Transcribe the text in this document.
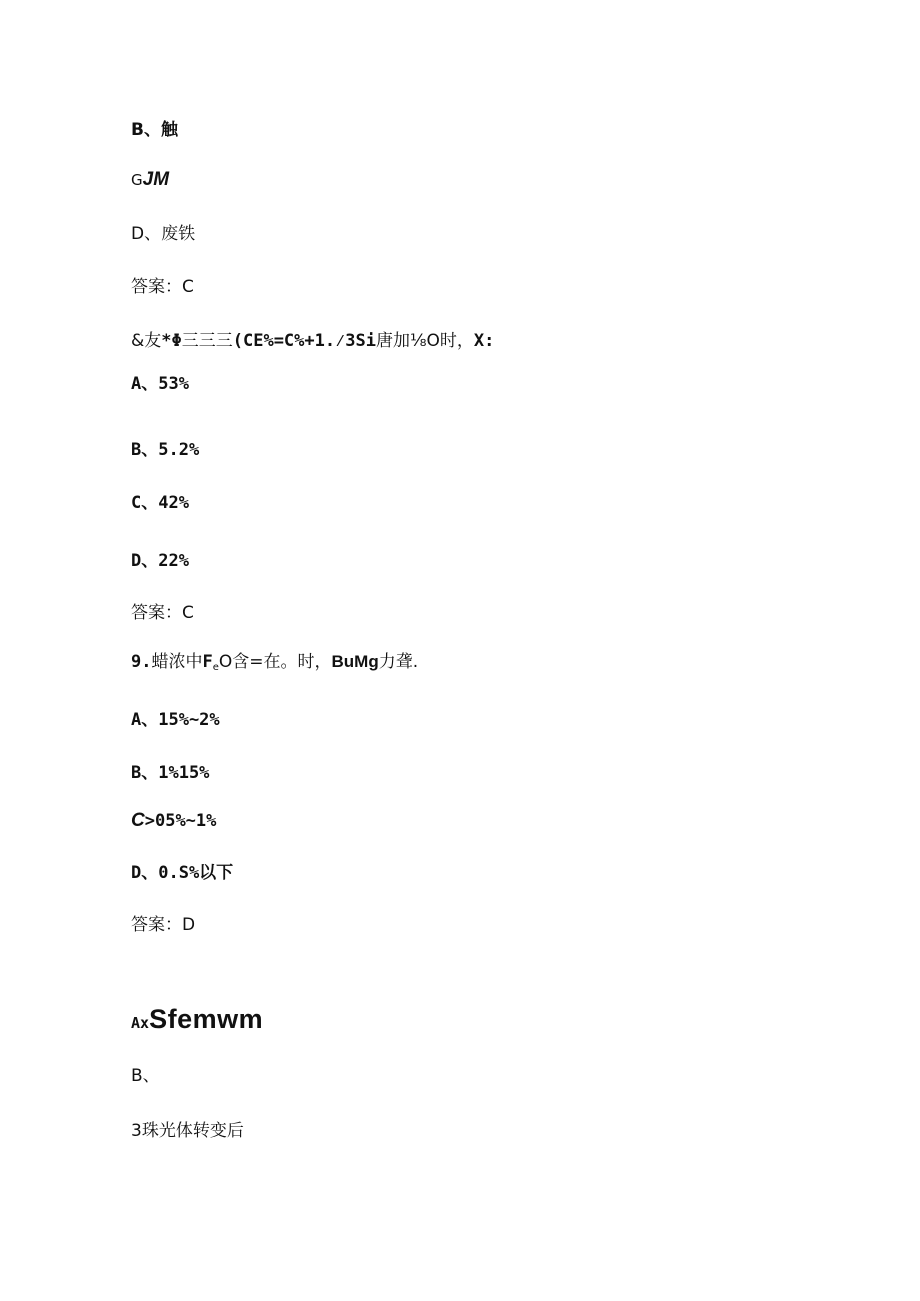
B、触
GJM
D、废铁
答案：C
&友*Φ三三三(CE%=C%+1.⁄3Si唐加⅛O时，X:
A、53%
B、5.2%
C、42%
D、22%
答案：C
9.蜡浓中$F_eO$含=在。时，BuMg力聋.
A、15%~2%
B、1%15%
C>05%~1%
D、0.S%以下
答案：D
AxSfemwm
B、
3珠光体转变后
